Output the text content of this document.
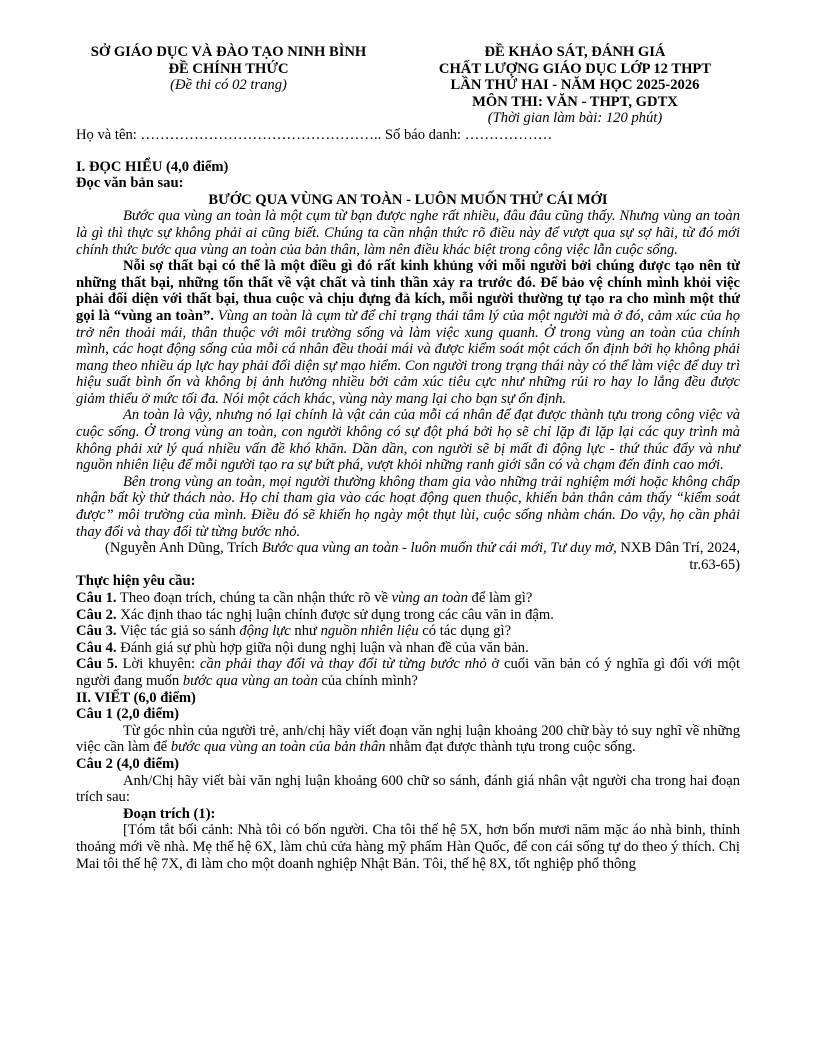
SỞ GIÁO DỤC VÀ ĐÀO TẠO NINH BÌNH
ĐỀ CHÍNH THỨC
(Đề thi có 02 trang)
ĐỀ KHẢO SÁT, ĐÁNH GIÁ
CHẤT LƯỢNG GIÁO DỤC LỚP 12 THPT
LẦN THỨ HAI - NĂM HỌC 2025-2026
MÔN THI: VĂN - THPT, GDTX
(Thời gian làm bài: 120 phút)
Họ và tên: ………………………………………….. Số báo danh: ………………
I. ĐỌC HIỂU (4,0 điểm)
Đọc văn bản sau:
BƯỚC QUA VÙNG AN TOÀN - LUÔN MUỐN THỬ CÁI MỚI

Bước qua vùng an toàn là một cụm từ bạn được nghe rất nhiều, đâu đâu cũng thấy. Nhưng vùng an toàn là gì thì thực sự không phải ai cũng biết. Chúng ta cần nhận thức rõ điều này để vượt qua sự sợ hãi, từ đó mới chính thức bước qua vùng an toàn của bản thân, làm nên điều khác biệt trong công việc lẫn cuộc sống.

Nỗi sợ thất bại có thể là một điều gì đó rất kinh khủng với mỗi người bởi chúng được tạo nên từ những thất bại, những tổn thất về vật chất và tinh thần xảy ra trước đó. Để bảo vệ chính mình khỏi việc phải đối diện với thất bại, thua cuộc và chịu đựng đả kích, mỗi người thường tự tạo ra cho mình một thứ gọi là “vùng an toàn”. Vùng an toàn là cụm từ để chỉ trạng thái tâm lý của một người mà ở đó, cảm xúc của họ trở nên thoải mái, thân thuộc với môi trường sống và làm việc xung quanh. Ở trong vùng an toàn của chính mình, các hoạt động sống của mỗi cá nhân đều thoải mái và được kiểm soát một cách ổn định bởi họ không phải mang theo nhiều áp lực hay phải đối diện sự mạo hiểm. Con người trong trạng thái này có thể làm việc để duy trì hiệu suất bình ổn và không bị ảnh hưởng nhiều bởi cảm xúc tiêu cực như những rủi ro hay lo lắng đều được giảm thiểu ở mức tối đa. Nói một cách khác, vùng này mang lại cho bạn sự ổn định.

An toàn là vậy, nhưng nó lại chính là vật cản của mỗi cá nhân để đạt được thành tựu trong công việc và cuộc sống. Ở trong vùng an toàn, con người không có sự đột phá bởi họ sẽ chỉ lặp đi lặp lại các quy trình mà không phải xử lý quá nhiều vấn đề khó khăn. Dần dần, con người sẽ bị mất đi động lực - thứ thúc đẩy và như nguồn nhiên liệu để mỗi người tạo ra sự bứt phá, vượt khỏi những ranh giới sẵn có và chạm đến đỉnh cao mới.

Bên trong vùng an toàn, mọi người thường không tham gia vào những trải nghiệm mới hoặc không chấp nhận bất kỳ thử thách nào. Họ chỉ tham gia vào các hoạt động quen thuộc, khiến bản thân cảm thấy “kiểm soát được” môi trường của mình. Điều đó sẽ khiến họ ngày một thụt lùi, cuộc sống nhàm chán. Do vậy, họ cần phải thay đổi và thay đổi từ từng bước nhỏ.

(Nguyễn Anh Dũng, Trích Bước qua vùng an toàn - luôn muốn thử cái mới, Tư duy mở, NXB Dân Trí, 2024,
tr.63-65)
Thực hiện yêu cầu:
Câu 1. Theo đoạn trích, chúng ta cần nhận thức rõ về vùng an toàn để làm gì?
Câu 2. Xác định thao tác nghị luận chính được sử dụng trong các câu văn in đậm.
Câu 3. Việc tác giả so sánh động lực như nguồn nhiên liệu có tác dụng gì?
Câu 4. Đánh giá sự phù hợp giữa nội dung nghị luận và nhan đề của văn bản.
Câu 5. Lời khuyên: cần phải thay đổi và thay đổi từ từng bước nhỏ ở cuối văn bản có ý nghĩa gì đối với một người đang muốn bước qua vùng an toàn của chính mình?
II. VIẾT (6,0 điểm)
Câu 1 (2,0 điểm)

Từ góc nhìn của người trẻ, anh/chị hãy viết đoạn văn nghị luận khoảng 200 chữ bày tỏ suy nghĩ về những việc cần làm để bước qua vùng an toàn của bản thân nhằm đạt được thành tựu trong cuộc sống.

Câu 2 (4,0 điểm)

Anh/Chị hãy viết bài văn nghị luận khoảng 600 chữ so sánh, đánh giá nhân vật người cha trong hai đoạn trích sau:

Đoạn trích (1):

[Tóm tắt bối cảnh: Nhà tôi có bốn người. Cha tôi thế hệ 5X, hơn bốn mươi năm mặc áo nhà binh, thỉnh thoảng mới về nhà. Mẹ thế hệ 6X, làm chủ cửa hàng mỹ phẩm Hàn Quốc, để con cái sống tự do theo ý thích. Chị Mai tôi thế hệ 7X, đi làm cho một doanh nghiệp Nhật Bản. Tôi, thế hệ 8X, tốt nghiệp phổ thông
